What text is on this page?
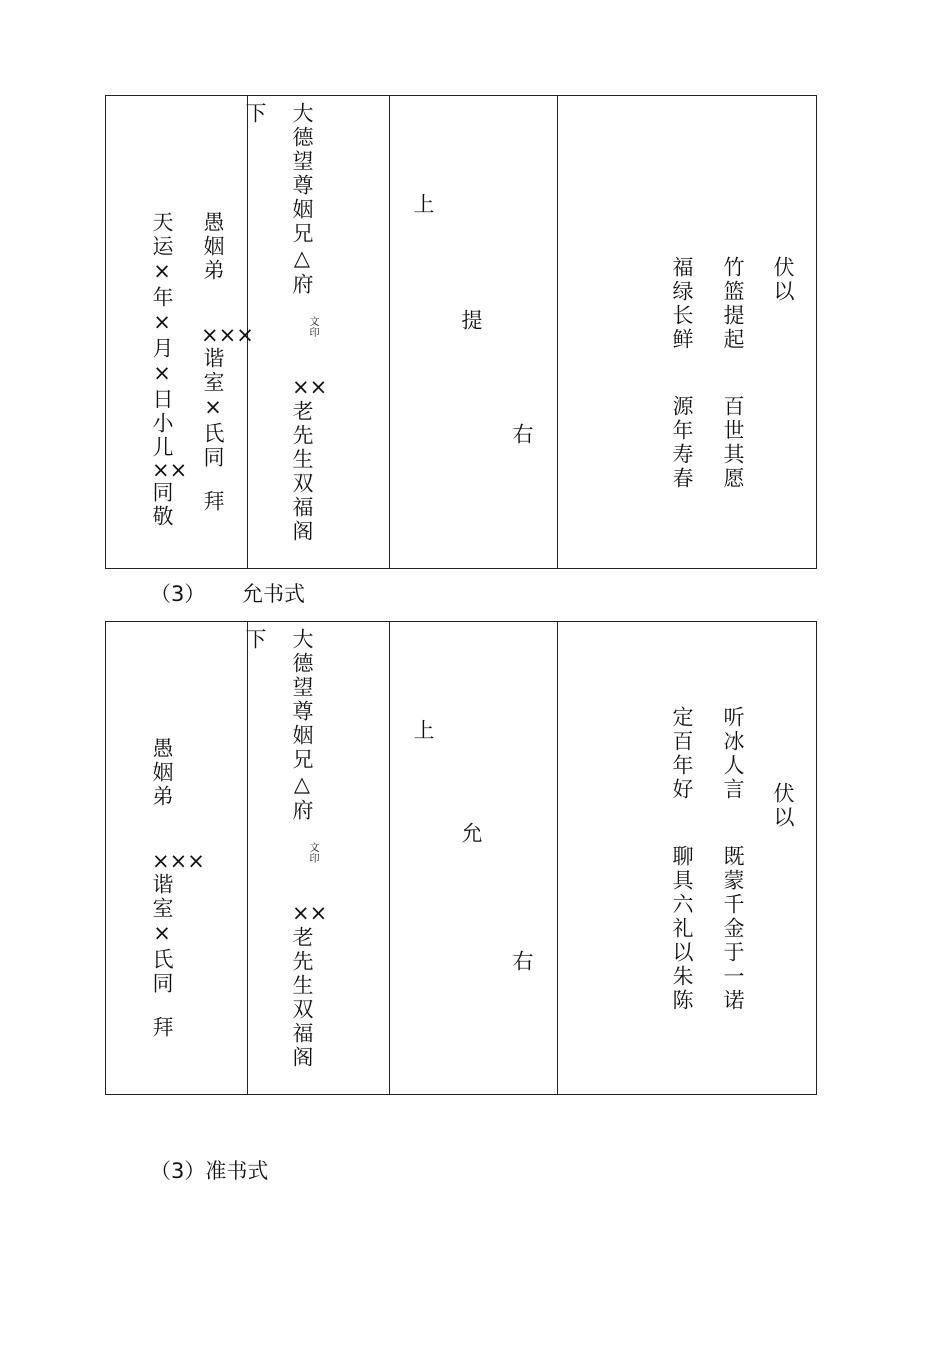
愚姻弟
×××
谐室×氏同
拜
天运×年×月×日小儿
××
同敬
下 大德望尊姻兄△府
文印
××
老先生双福阁
上
提
右
伏以
竹篮提起
百世其愿
福绿长鲜
源年寿春
（3） 允书式
愚姻弟
×××
谐室×氏同
拜
下 大德望尊姻兄△府
文印
××
老先生双福阁
上
允
右
伏以
听冰人言
既蒙千金于一诺
定百年好
聊具六礼以朱陈
（3）准书式
